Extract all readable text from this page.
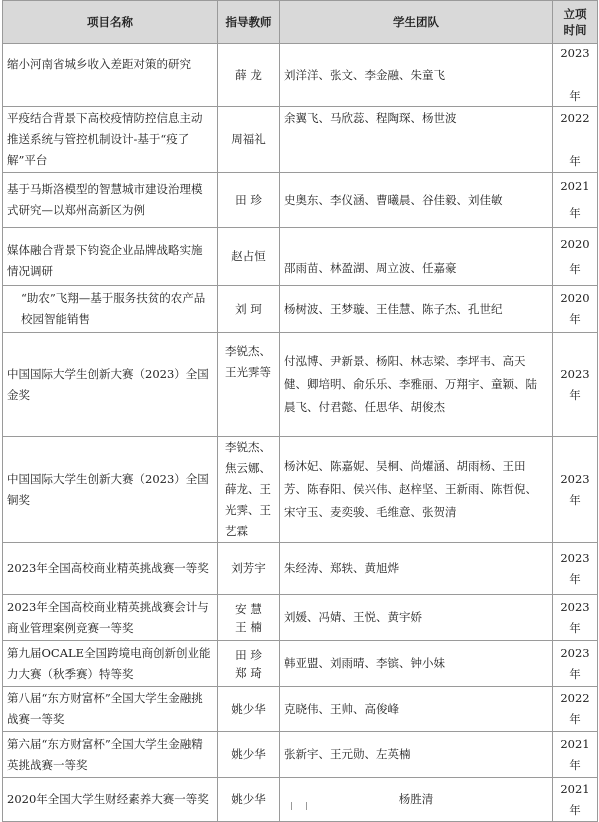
项目名称	指导教师	学生团队	立项
时间

缩小河南省城乡收入差距对策的研究	薛 龙	刘洋洋、张文、李金融、朱童飞	2023
年

平疫结合背景下高校疫情防控信息主动推送系统与管控机制设计-基于“疫了解”平台	周福礼	余翼飞、马欣蕊、程陶琛、杨世波	2022
年

基于马斯洛模型的智慧城市建设治理模式研究—以郑州高新区为例	田 珍	史奥东、李仪涵、曹曦晨、谷佳毅、刘佳敏	2021
年

媒体融合背景下钧瓷企业品牌战略实施情况调研	赵占恒	邵雨苗、林盈湖、周立波、任嘉豪	2020
年

“助农”飞翔—基于服务扶贫的农产品校园智能销售	刘 珂	杨树波、王梦璇、王佳慧、陈子杰、孔世纪	2020
年

中国国际大学生创新大赛（2023）全国金奖	李锐杰、王光霁等	付泓博、尹新景、杨阳、林志梁、李坪韦、高天健、卿培明、俞乐乐、李雅丽、万翔宇、童颖、陆晨飞、付君懿、任思华、胡俊杰	2023
年

中国国际大学生创新大赛（2023）全国铜奖	李锐杰、焦云娜、薛龙、王光霁、王艺霖	杨沐妃、陈嘉妮、吴桐、尚燿涵、胡雨杨、王田芳、陈春阳、侯兴伟、赵梓坚、王新雨、陈哲倪、宋守玉、麦奕骏、毛维意、张贺清	2023
年

2023年全国高校商业精英挑战赛一等奖	刘芳宇	朱经涛、郑轶、黄旭烨	2023
年

2023年全国高校商业精英挑战赛会计与商业管理案例竞赛一等奖	安 慧
王 楠	刘媛、冯婧、王悦、黄宇娇	2023
年

第九届OCALE全国跨境电商创新创业能力大赛（秋季赛）特等奖	田 珍
郑 琦	韩亚盟、刘雨晴、李镔、钟小妹	2023
年

第八届“东方财富杯”全国大学生金融挑战赛一等奖	姚少华	克晓伟、王帅、高俊峰	2022
年

第六届“东方财富杯”全国大学生金融精英挑战赛一等奖	姚少华	张新宇、王元勋、左英楠	2021
年

2020年全国大学生财经素养大赛一等奖	姚少华	杨胜清	2021
年
